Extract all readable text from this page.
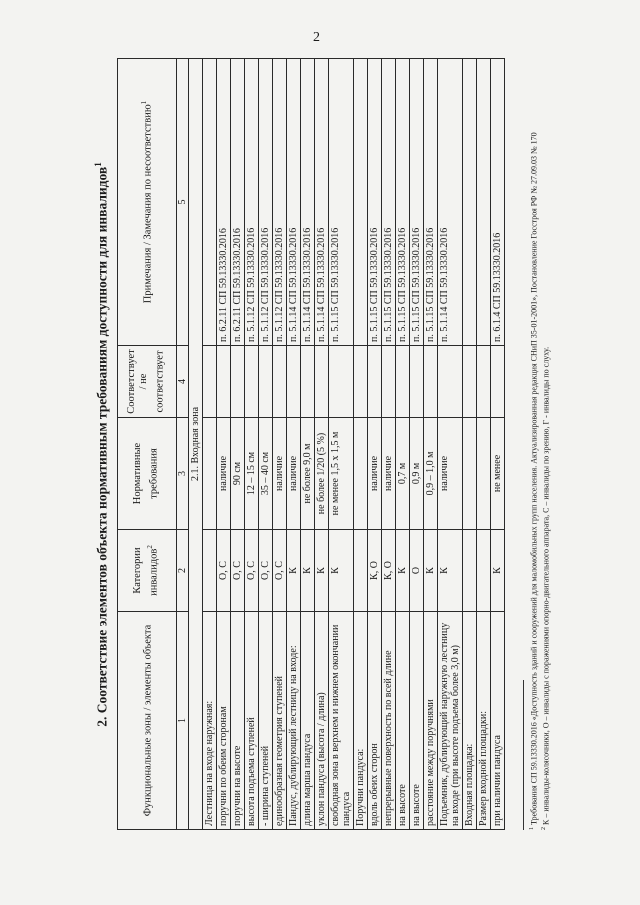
2
2. Соответствие элементов объекта нормативным требованиям доступности для инвалидов$^1$
Функциональные зоны / элементы объекта	Категории инвалидов$^2$	Нормативные требования	Соответствует / не соответствует	Примечания / Замечания по несоответствию$^1$
1	2	3	4	5
2.1. Входная зона				
Лестница на входе наружная:				
поручни по обеим сторонам	О, С	наличие		п. 6.2.11 СП 59.13330.2016
поручни на высоте	О, С	90 см		п. 6.2.11 СП 59.13330.2016
высота подъема ступеней	О, С	12 – 15 см		п. 5.1.12 СП 59.13330.2016
- ширина ступеней	О, С	35 – 40 см		п. 5.1.12 СП 59.13330.2016
единообразная геометрия ступеней	О, С	наличие		п. 5.1.12 СП 59.13330.2016
Пандус, дублирующий лестницу на входе:	К	наличие		п. 5.1.14 СП 59.13330.2016
длина марша пандуса	К	не более 9,0 м		п. 5.1.14 СП 59.13330.2016
уклон пандуса (высота / длина)	К	не более 1/20 (5 %)		п. 5.1.14 СП 59.13330.2016
свободная зона в верхнем и нижнем окончании пандуса	К	не менее 1,5 х 1,5 м		п. 5.1.15 СП 59.13330.2016
Поручни пандуса:				
вдоль обеих сторон	К, О	наличие		п. 5.1.15 СП 59.13330.2016
непрерывные поверхность по всей длине	К, О	наличие		п. 5.1.15 СП 59.13330.2016
на высоте	К	0,7 м		п. 5.1.15 СП 59.13330.2016
на высоте	О	0,9 м		п. 5.1.15 СП 59.13330.2016
расстояние между поручнями	К	0,9 – 1,0 м		п. 5.1.15 СП 59.13330.2016
Подъемник, дублирующий наружную лестницу на входе (при высоте подъема более 3,0 м)	К	наличие		п. 5.1.14 СП 59.13330.2016
Входная площадка:				
Размер входной площадки:				
при наличии пандуса	К	не менее		п. 6.1.4 СП 59.13330.2016

$^1$ Требования СП 59.13330.2016 «Доступность зданий и сооружений для маломобильных групп населения. Актуализированная редакция СНиП 35-01-2001», Постановление Госстроя РФ № 27.09.03 № 170

$^2$ К – инвалиды-колясочники, О – инвалиды с поражениями опорно-двигательного аппарата, С – инвалиды по зрению, Г - инвалиды по слуху.
